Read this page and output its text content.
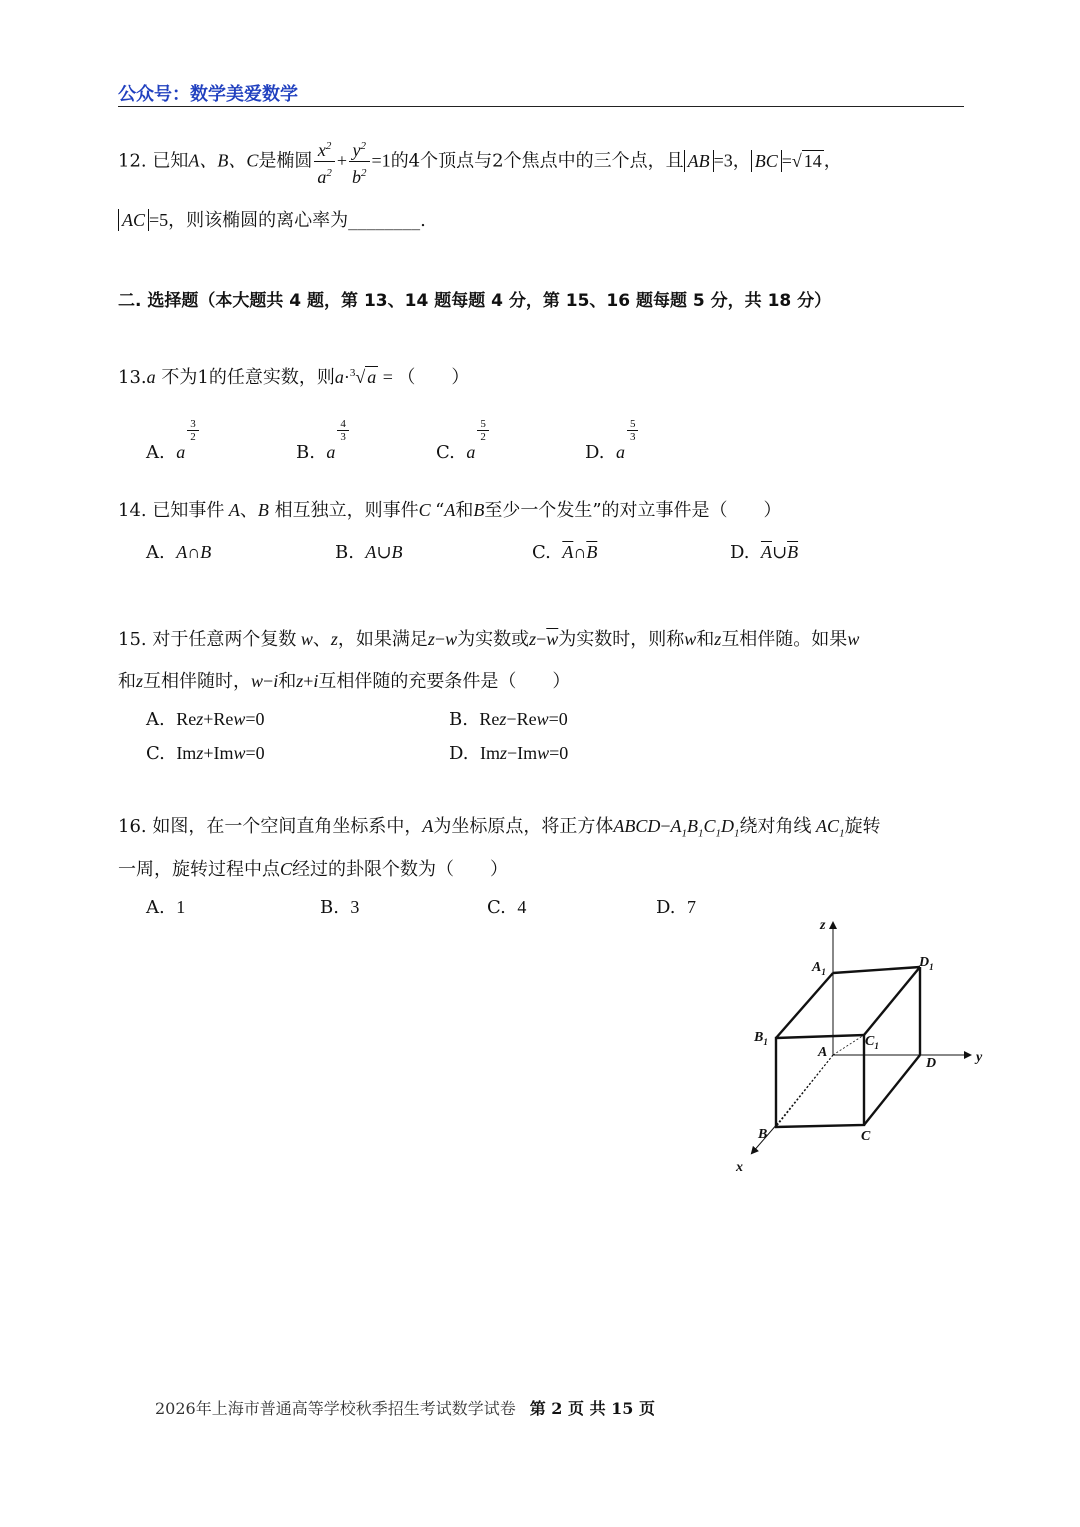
公众号：数学美爱数学
12. 已知A、B、C是椭圆 $\frac{x^2}{a^2} + \frac{y^2}{b^2} =1$的4个顶点与2个焦点中的三个点，且 AB =3， BC =√ 14 ，
AC =5，则该椭圆的离心率为________.
二. 选择题（本大题共 4 题，第 13、14 题每题 4 分，第 15、16 题每题 5 分，共 18 分）
13.a 不为1的任意实数，则a·$^3$√ a = （　　）
A. a
$\frac{3}{2}$
B. a
$\frac{4}{3}$
C. a
$\frac{5}{2}$
D. a
$\frac{5}{3}$
14. 已知事件 A、B 相互独立，则事件C “A和B至少一个发生”的对立事件是（　　）
A. A∩B	B. A∪B	C. $\overline{A}\cap\overline{B}$	D. $\overline{A}\cup\overline{B}$
15. 对于任意两个复数 w、z，如果满足z−w为实数或$z-\overline{w}$为实数时，则称w和z互相伴随。如果w
和z互相伴随时，w−i和z+i互相伴随的充要条件是（　　）
A. Rez+Rew=0	B. Rez−Rew=0
C. Imz+Imw=0	D. Imz−Imw=0
16. 如图，在一个空间直角坐标系中，A为坐标原点，将正方体$ABCD-A_1B_1C_1D_1$绕对角线 $AC_1$旋转
一周，旋转过程中点C经过的卦限个数为（　　）
A. 1	B. 3	C. 4	D. 7
z
y
x
$A_1$
$D_1$
$B_1$	$C_1$
A
D
B	C
2026年上海市普通高等学校秋季招生考试数学试卷 第 2 页 共 15 页
